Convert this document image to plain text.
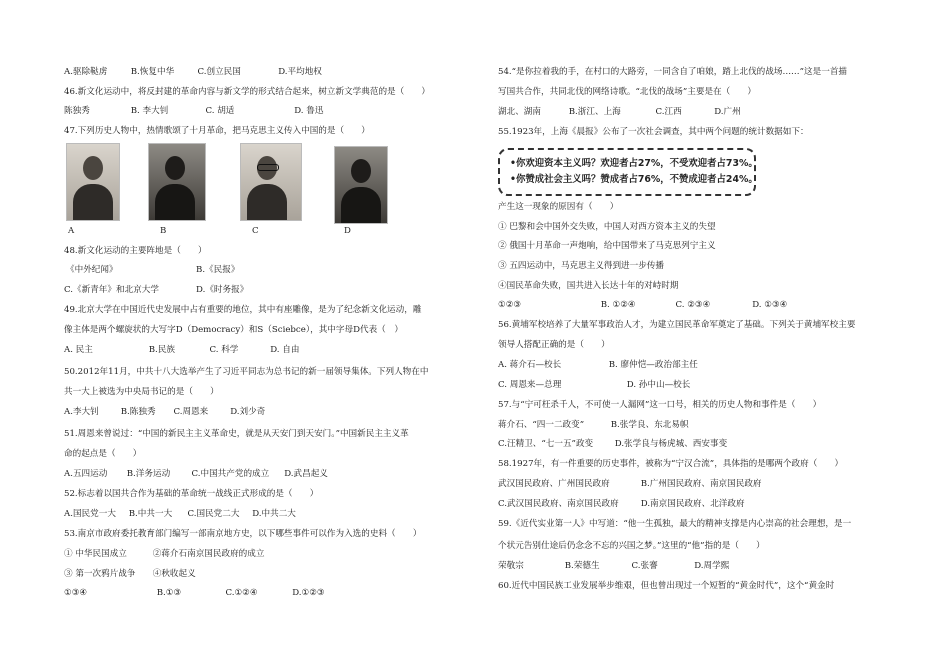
A.驱除鞑虏	B.恢复中华	C.创立民国	D.平均地权
46.新文化运动中，将反封建的革命内容与新文学的形式结合起来，树立新文学典范的是（　　）
陈独秀	B. 李大钊	C. 胡适	D. 鲁迅
47.下列历史人物中，热情歌颂了十月革命，把马克思主义传入中国的是（　　）
A	B	C	D
48.新文化运动的主要阵地是（　　）
《中外纪闻》	B.《民报》
C.《新青年》和北京大学	D.《时务报》
49.北京大学在中国近代史发展中占有重要的地位，其中有座雕像，是为了纪念新文化运动，雕
像主体是两个螺旋状的大写字D（Democracy）和S（Sciebce），其中字母D代表（　）
A. 民主	B.民族	C. 科学	D. 自由
50.2012年11月，中共十八大选举产生了习近平同志为总书记的新一届领导集体。下列人物在中
共一大上被选为中央局书记的是（　　）
A.李大钊	B.陈独秀 C.周恩来	D.刘少奇
51.周恩来曾说过：“中国的新民主主义革命史，就是从天安门到天安门。”中国新民主主义革
命的起点是（　　）
A.五四运动 B.洋务运动 C.中国共产党的成立 D.武昌起义
52.标志着以国共合作为基础的革命统一战线正式形成的是（　　）
A.国民党一大 B.中共一大 C.国民党二大 D.中共二大
53.南京市政府委托教育部门编写一部南京地方史，以下哪些事件可以作为入选的史料（　　）
① 中华民国成立	②蒋介石南京国民政府的成立
③ 第一次鸦片战争 ④秋收起义
①③④	B.①③	C.①②④	D.①②③
54.“是你拉着我的手，在村口的大路旁，一同含自了咱娘，踏上北伐的战场……”这是一首描
写国共合作，共同北伐的网络诗歌。“北伐的战场”主要是在（　　）
湖北、湖南	B.浙江、上海	C.江西	D.广州
55.1923年，上海《晨报》公布了一次社会调查，其中两个问题的统计数据如下：
•你欢迎资本主义吗？欢迎者占27%，不受欢迎者占73%。
•你赞成社会主义吗？赞成者占76%，不赞成迎者占24%。
产生这一现象的原因有（　　）
① 巴黎和会中国外交失败，中国人对西方资本主义的失望
② 俄国十月革命一声炮响，给中国带来了马克思列宁主义
③ 五四运动中，马克思主义得到进一步传播
④国民革命失败，国共进入长达十年的对峙时期
①②③	B. ①②④	C. ②③④	D. ①③④
56.黄埔军校培养了大量军事政治人才，为建立国民革命军奠定了基础。下列关于黄埔军校主要
领导人搭配正确的是（　　）
A. 蒋介石—校长	B. 廖仲恺—政治部主任
C. 周恩来—总理	D. 孙中山—校长
57.与“宁可枉杀千人，不可使一人漏网”这一口号，相关的历史人物和事件是（　　）
蒋介石、“四一二政变”	B.张学良、东北易帜
C.汪精卫、“七一五”政变	D.张学良与杨虎城、西安事变
58.1927年，有一件重要的历史事件，被称为“宁汉合流”，具体指的是哪两个政府（　　）
武汉国民政府、广州国民政府	B.广州国民政府、南京国民政府
C.武汉国民政府、南京国民政府	D.南京国民政府、北洋政府
59.《近代实业第一人》中写道：“他一生孤独，最大的精神支撑是内心崇高的社会理想，是一
个状元告别仕途后仍念念不忘的兴国之梦。”这里的“他”指的是（　　）
荣敬宗	B.荣德生	C.张謇	D.周学熙
60.近代中国民族工业发展举步维艰，但也曾出现过一个短暂的“黄金时代”，这个“黄金时
